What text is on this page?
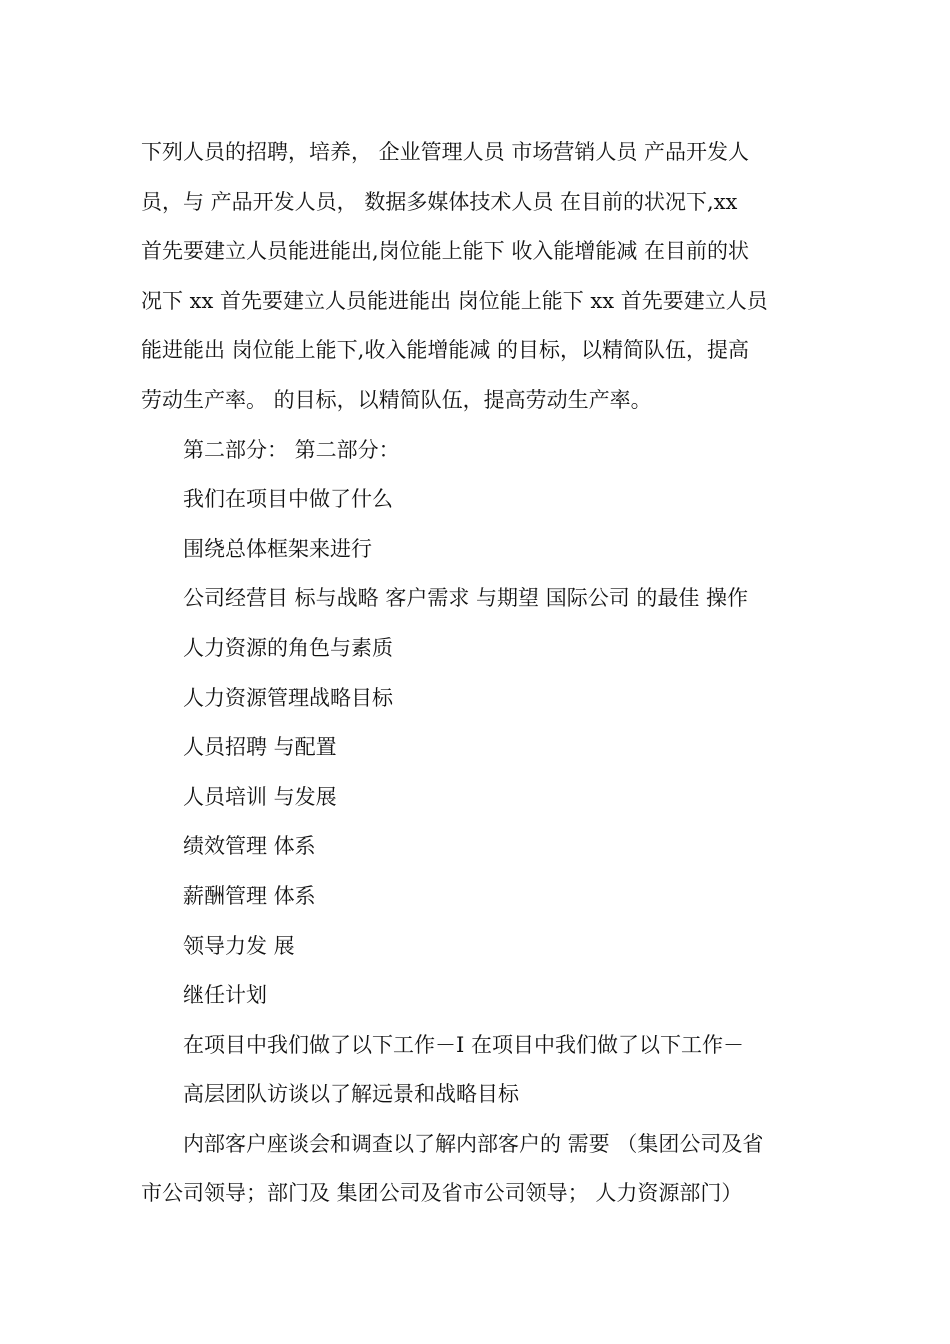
下列人员的招聘，培养， 企业管理人员 市场营销人员 产品开发人
员，与 产品开发人员， 数据多媒体技术人员 在目前的状况下,xx
首先要建立人员能进能出,岗位能上能下 收入能增能减 在目前的状
况下 xx 首先要建立人员能进能出 岗位能上能下 xx 首先要建立人员
能进能出 岗位能上能下,收入能增能减 的目标，以精简队伍，提高
劳动生产率。 的目标，以精简队伍，提高劳动生产率。

第二部分： 第二部分：

我们在项目中做了什么

围绕总体框架来进行

公司经营目 标与战略 客户需求 与期望 国际公司 的最佳 操作

人力资源的角色与素质

人力资源管理战略目标

人员招聘 与配置

人员培训 与发展

绩效管理 体系

薪酬管理 体系

领导力发 展

继任计划

在项目中我们做了以下工作－Ⅰ 在项目中我们做了以下工作－

高层团队访谈以了解远景和战略目标

内部客户座谈会和调查以了解内部客户的 需要 （集团公司及省
市公司领导；部门及 集团公司及省市公司领导； 人力资源部门）
